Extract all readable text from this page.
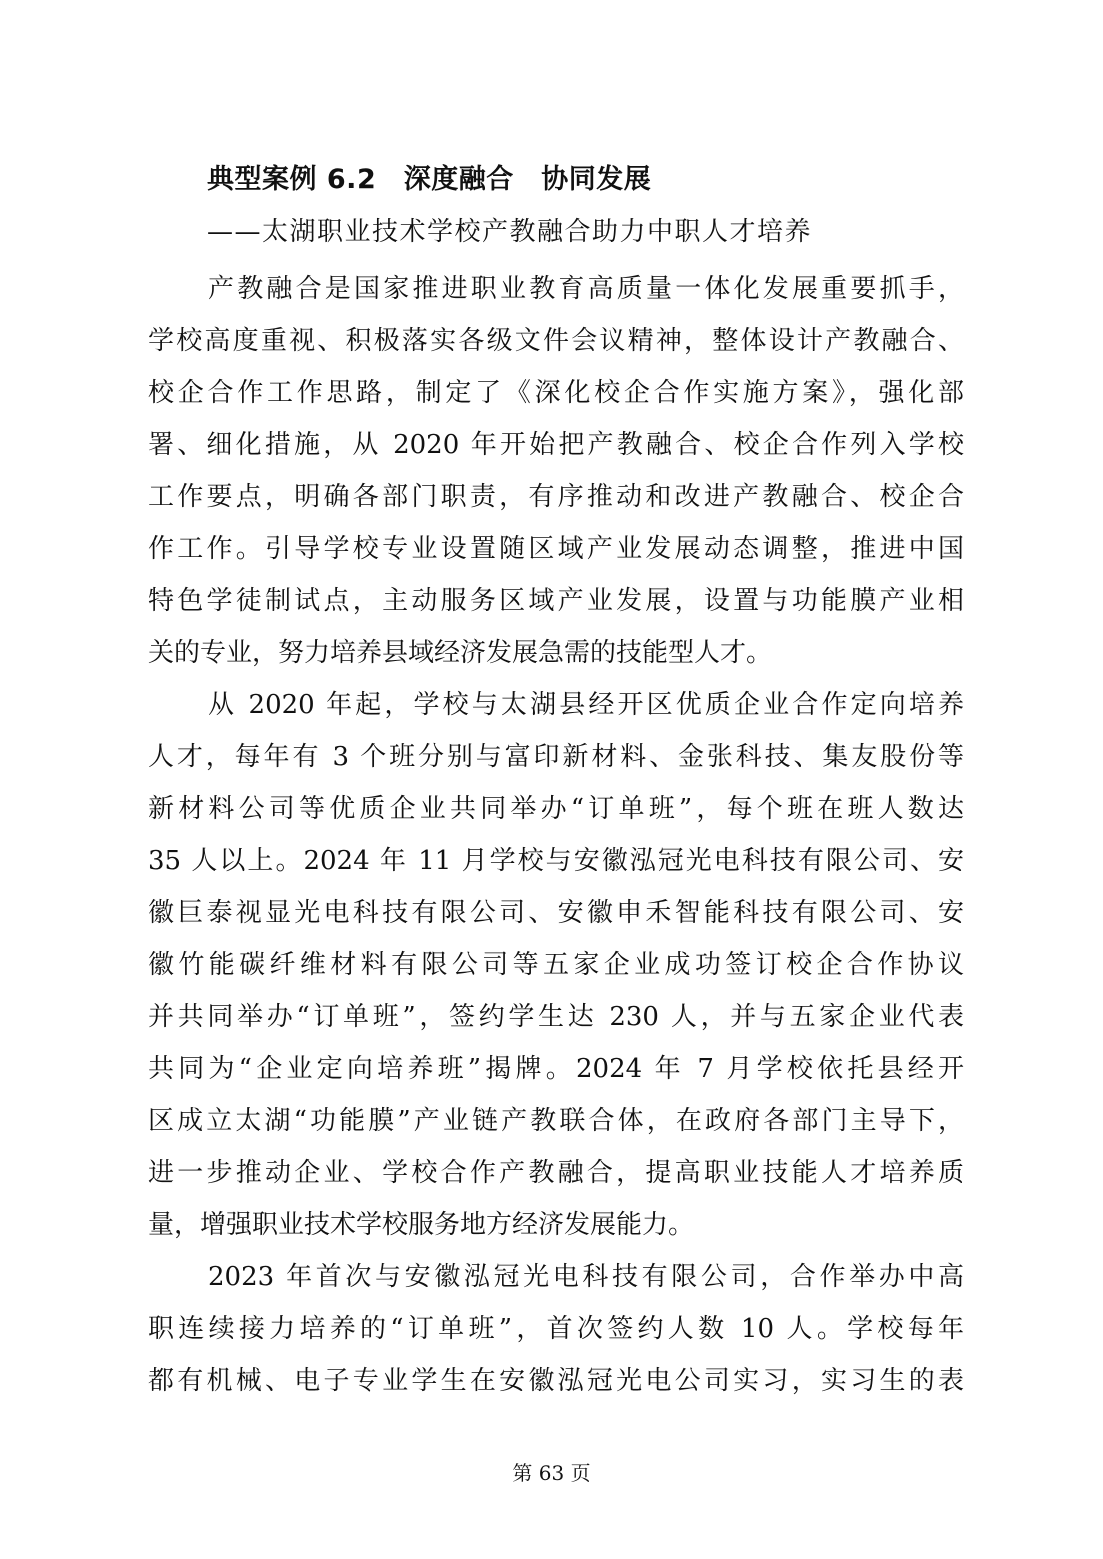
典型案例 6.2　深度融合　协同发展
——太湖职业技术学校产教融合助力中职人才培养
产教融合是国家推进职业教育高质量一体化发展重要抓手，
学校高度重视、积极落实各级文件会议精神，整体设计产教融合、
校企合作工作思路，制定了《深化校企合作实施方案》，强化部
署、细化措施，从 2020 年开始把产教融合、校企合作列入学校
工作要点，明确各部门职责，有序推动和改进产教融合、校企合
作工作。引导学校专业设置随区域产业发展动态调整，推进中国
特色学徒制试点，主动服务区域产业发展，设置与功能膜产业相
关的专业，努力培养县域经济发展急需的技能型人才。
从 2020 年起，学校与太湖县经开区优质企业合作定向培养
人才，每年有 3 个班分别与富印新材料、金张科技、集友股份等
新材料公司等优质企业共同举办“订单班”，每个班在班人数达
35 人以上。2024 年 11 月学校与安徽泓冠光电科技有限公司、安
徽巨泰视显光电科技有限公司、安徽申禾智能科技有限公司、安
徽竹能碳纤维材料有限公司等五家企业成功签订校企合作协议
并共同举办“订单班”，签约学生达 230 人，并与五家企业代表
共同为“企业定向培养班”揭牌。2024 年 7 月学校依托县经开
区成立太湖“功能膜”产业链产教联合体，在政府各部门主导下，
进一步推动企业、学校合作产教融合，提高职业技能人才培养质
量，增强职业技术学校服务地方经济发展能力。
2023 年首次与安徽泓冠光电科技有限公司，合作举办中高
职连续接力培养的“订单班”，首次签约人数 10 人。学校每年
都有机械、电子专业学生在安徽泓冠光电公司实习，实习生的表
第 63 页
